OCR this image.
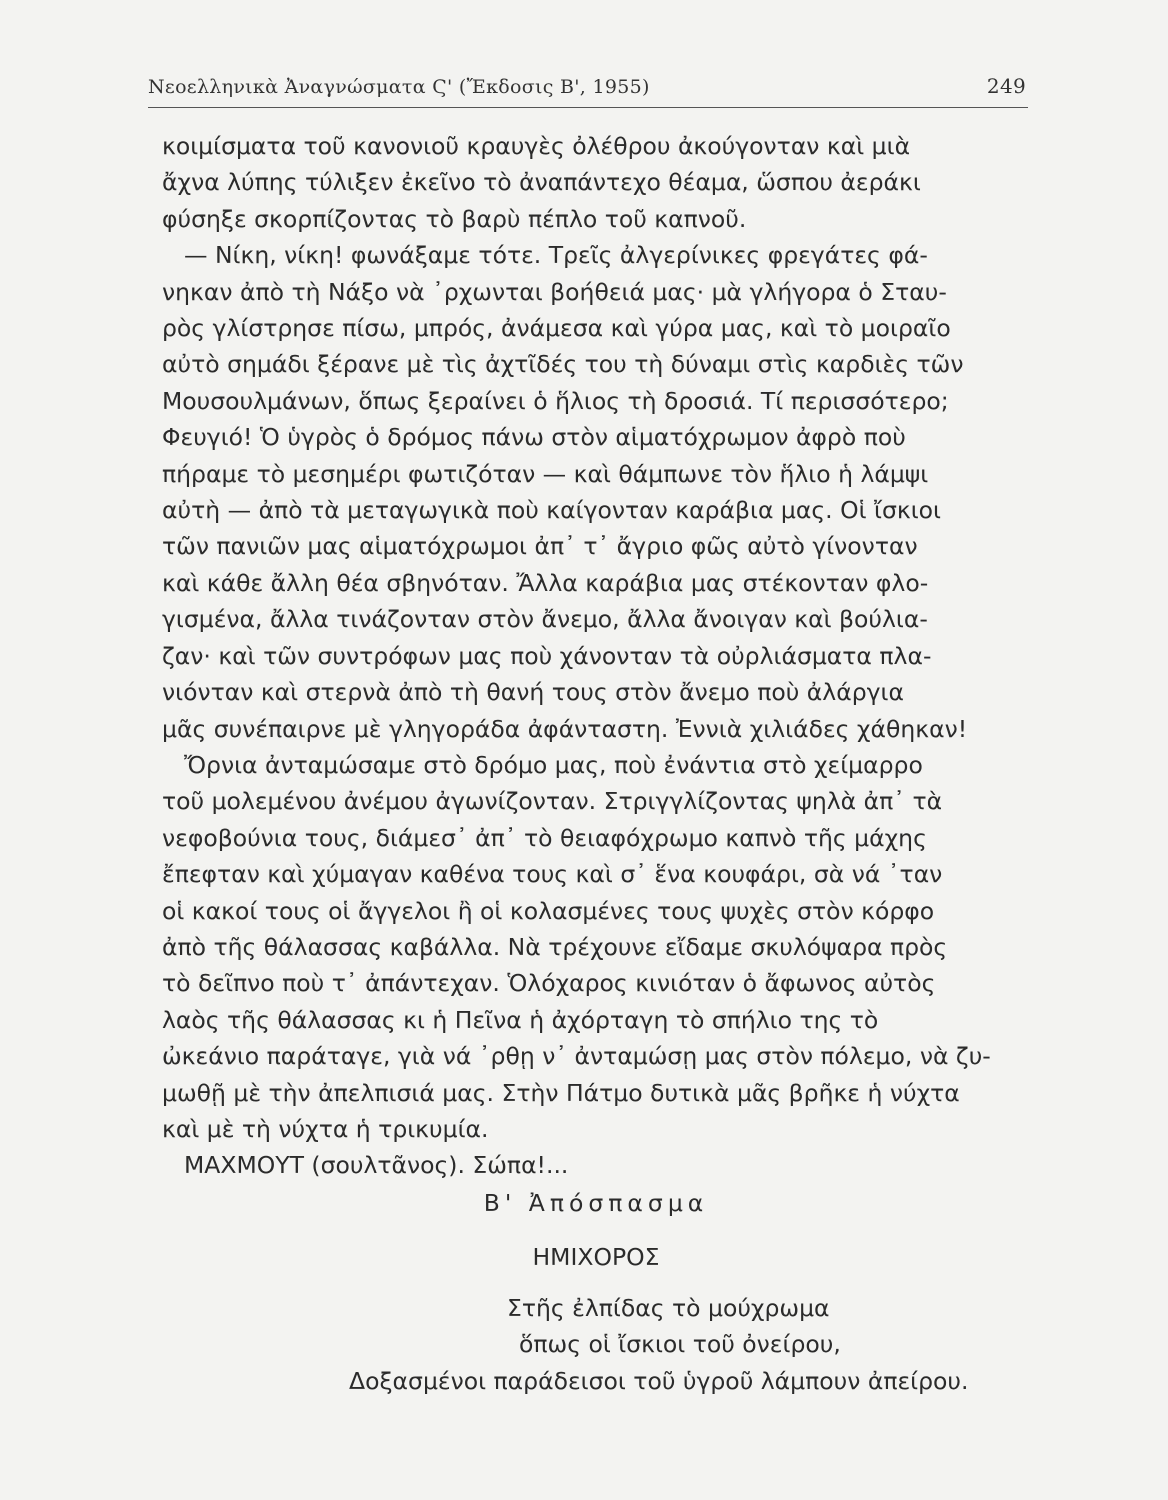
Νεοελληνικὰ Ἀναγνώσματα Ϛ' (Ἔκδοσις Β', 1955)	249

κοιμίσματα τοῦ κανονιοῦ κραυγὲς ὀλέθρου ἀκούγονταν καὶ μιὰ

ἄχνα λύπης τύλιξεν ἐκεῖνο τὸ ἀναπάντεχο θέαμα, ὥσπου ἀεράκι

φύσηξε σκορπίζοντας τὸ βαρὺ πέπλο τοῦ καπνοῦ.

— Νίκη, νίκη! φωνάξαμε τότε. Τρεῖς ἀλγερίνικες φρεγάτες φά-

νηκαν ἀπὸ τὴ Νάξο νὰ ᾽ρχωνται βοήθειά μας· μὰ γλήγορα ὁ Σταυ-

ρὸς γλίστρησε πίσω, μπρός, ἀνάμεσα καὶ γύρα μας, καὶ τὸ μοιραῖο

αὐτὸ σημάδι ξέρανε μὲ τὶς ἀχτῖδές του τὴ δύναμι στὶς καρδιὲς τῶν

Μουσουλμάνων, ὅπως ξεραίνει ὁ ἥλιος τὴ δροσιά. Τί περισσότερο;

Φευγιό! Ὁ ὑγρὸς ὁ δρόμος πάνω στὸν αἱματόχρωμον ἀφρὸ ποὺ

πήραμε τὸ μεσημέρι φωτιζόταν — καὶ θάμπωνε τὸν ἥλιο ἡ λάμψι

αὐτὴ — ἀπὸ τὰ μεταγωγικὰ ποὺ καίγονταν καράβια μας. Οἱ ἴσκιοι

τῶν πανιῶν μας αἱματόχρωμοι ἀπ᾽ τ᾽ ἄγριο φῶς αὐτὸ γίνονταν

καὶ κάθε ἄλλη θέα σβηνόταν. Ἄλλα καράβια μας στέκονταν φλο-

γισμένα, ἄλλα τινάζονταν στὸν ἄνεμο, ἄλλα ἄνοιγαν καὶ βούλια-

ζαν· καὶ τῶν συντρόφων μας ποὺ χάνονταν τὰ οὐρλιάσματα πλα-

νιόνταν καὶ στερνὰ ἀπὸ τὴ θανή τους στὸν ἄνεμο ποὺ ἀλάργια

μᾶς συνέπαιρνε μὲ γληγοράδα ἀφάνταστη. Ἐννιὰ χιλιάδες χάθηκαν!

Ὄρνια ἀνταμώσαμε στὸ δρόμο μας, ποὺ ἐνάντια στὸ χείμαρρο

τοῦ μολεμένου ἀνέμου ἀγωνίζονταν. Στριγγλίζοντας ψηλὰ ἀπ᾽ τὰ

νεφοβούνια τους, διάμεσ᾽ ἀπ᾽ τὸ θειαφόχρωμο καπνὸ τῆς μάχης

ἔπεφταν καὶ χύμαγαν καθένα τους καὶ σ᾽ ἕνα κουφάρι, σὰ νά ᾽ταν

οἱ κακοί τους οἱ ἄγγελοι ἢ οἱ κολασμένες τους ψυχὲς στὸν κόρφο

ἀπὸ τῆς θάλασσας καβάλλα. Νὰ τρέχουνε εἴδαμε σκυλόψαρα πρὸς

τὸ δεῖπνο ποὺ τ᾽ ἀπάντεχαν. Ὁλόχαρος κινιόταν ὁ ἄφωνος αὐτὸς

λαὸς τῆς θάλασσας κι ἡ Πεῖνα ἡ ἀχόρταγη τὸ σπήλιο της τὸ

ὠκεάνιο παράταγε, γιὰ νά ᾽ρθῃ ν᾽ ἀνταμώσῃ μας στὸν πόλεμο, νὰ ζυ-

μωθῇ μὲ τὴν ἀπελπισιά μας. Στὴν Πάτμο δυτικὰ μᾶς βρῆκε ἡ νύχτα

καὶ μὲ τὴ νύχτα ἡ τρικυμία.

ΜΑΧΜΟΥΤ (σουλτᾶνος). Σώπα!...

Β' Ἀπόσπασμα
ΗΜΙΧΟΡΟΣ
Στῆς ἐλπίδας τὸ μούχρωμα
ὅπως οἱ ἴσκιοι τοῦ ὀνείρου,
Δοξασμένοι παράδεισοι τοῦ ὑγροῦ λάμπουν ἀπείρου.
